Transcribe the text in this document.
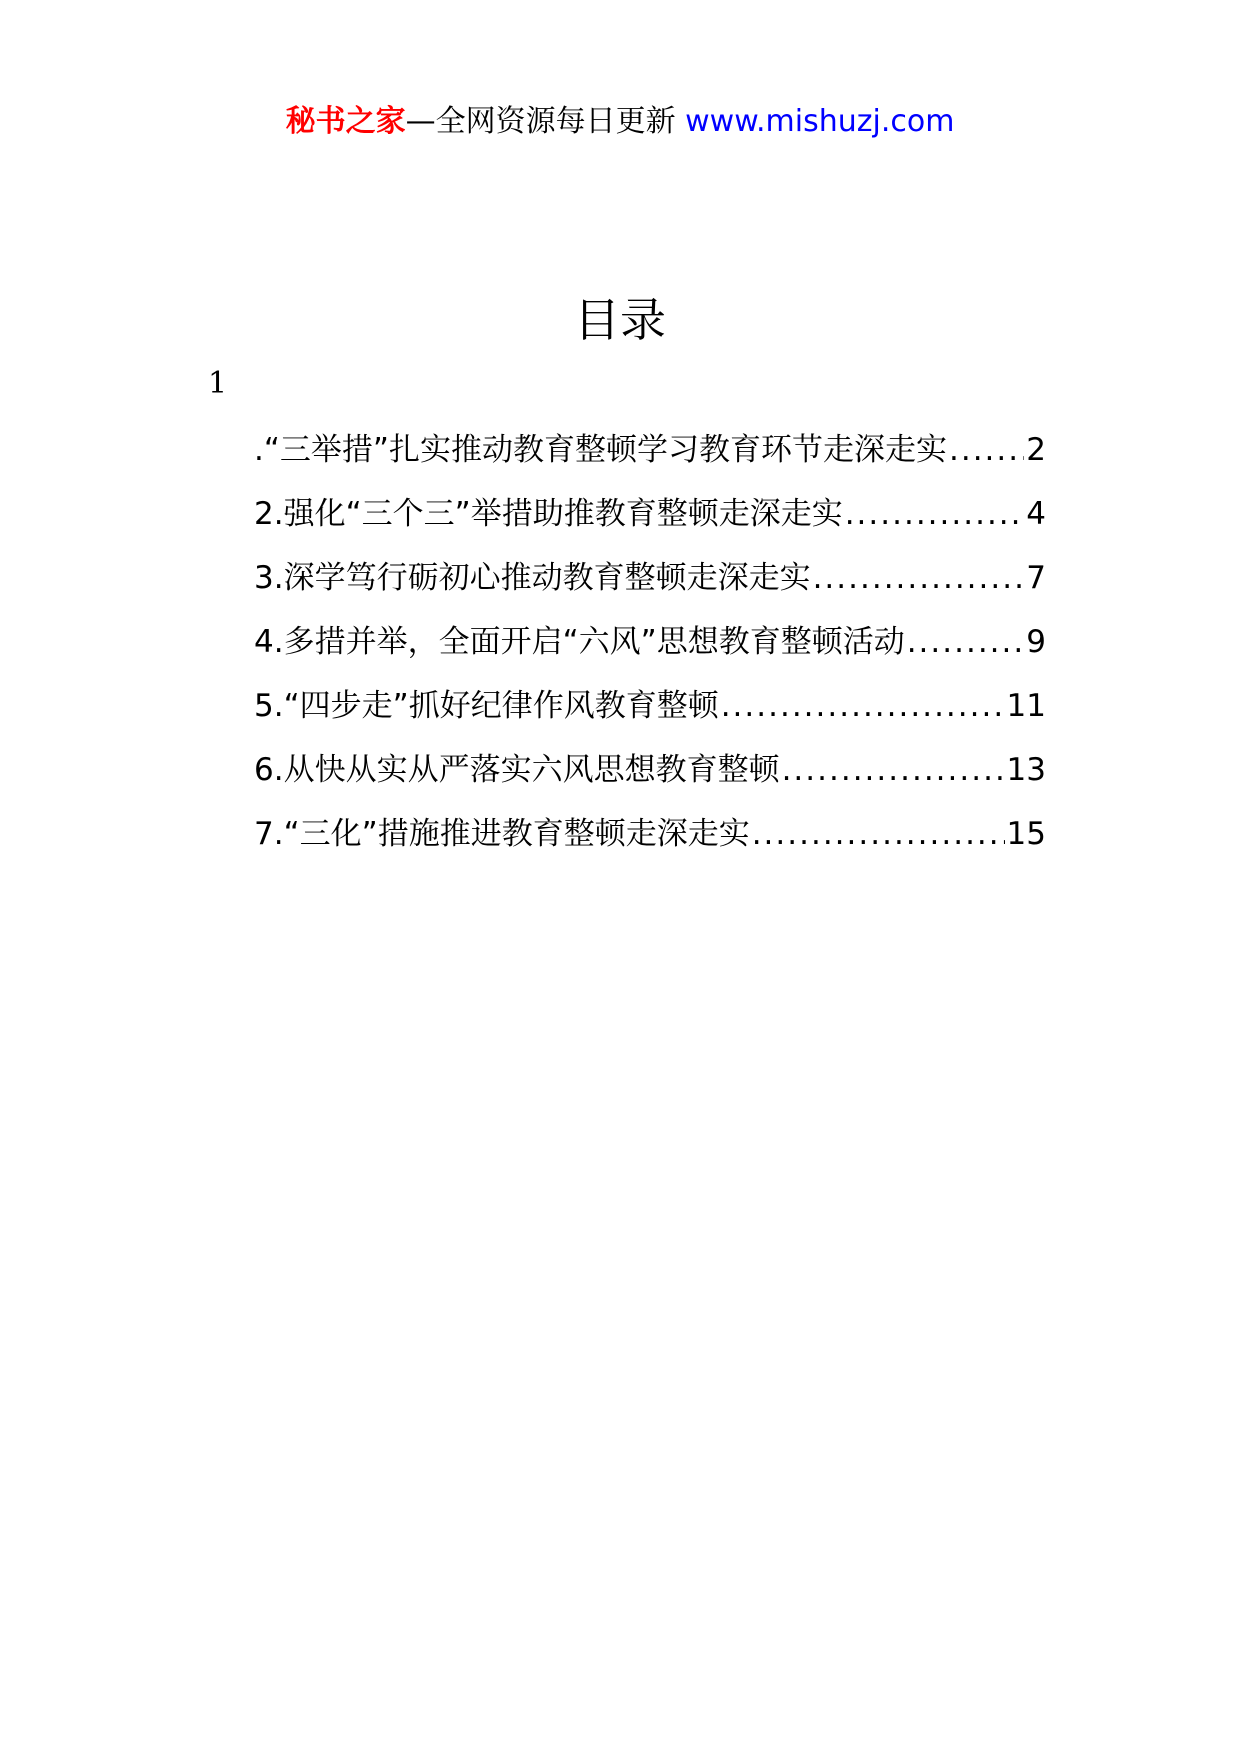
秘书之家—全网资源每日更新 www.mishuzj.com
目录
1
.“三举措”扎实推动教育整顿学习教育环节走深走实 .....	2
2.强化“三个三”举措助推教育整顿走深走实 .....	4
3.深学笃行砺初心推动教育整顿走深走实 .....	7
4.多措并举，全面开启“六风”思想教育整顿活动 .....	9
5.“四步走”抓好纪律作风教育整顿 .....	11
6.从快从实从严落实六风思想教育整顿 .....	13
7.“三化”措施推进教育整顿走深走实 .....	15
